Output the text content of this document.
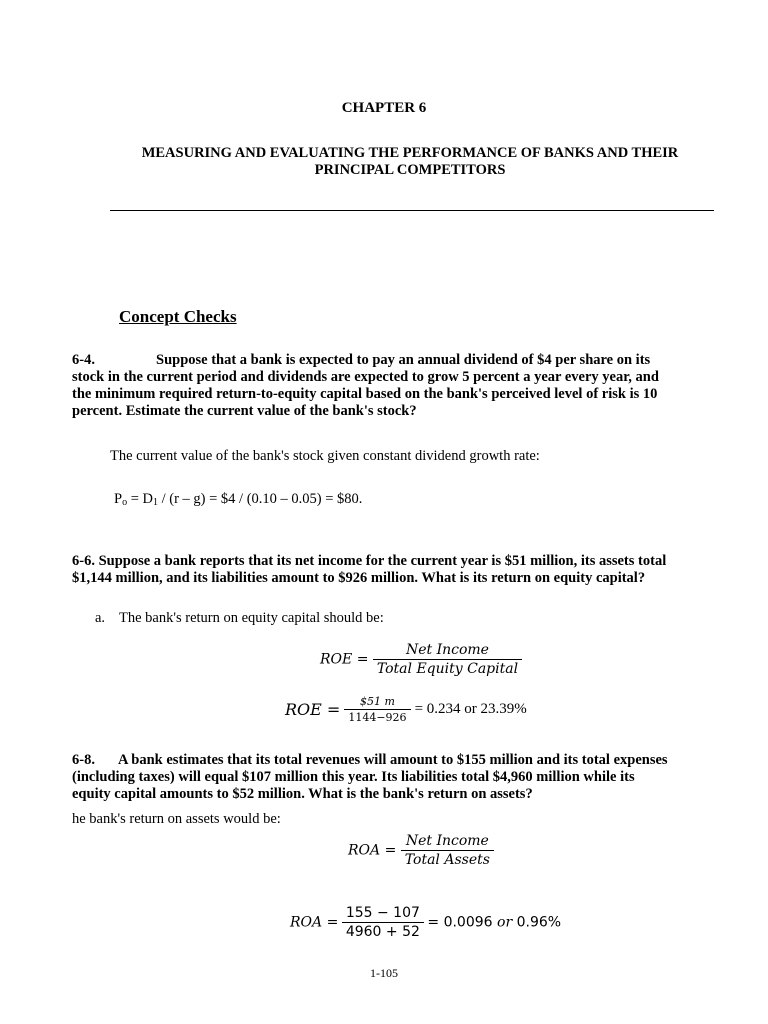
CHAPTER 6
MEASURING AND EVALUATING THE PERFORMANCE OF BANKS AND THEIR
PRINCIPAL COMPETITORS
Concept Checks
6-4.	Suppose that a bank is expected to pay an annual dividend of $4 per share on its
stock in the current period and dividends are expected to grow 5 percent a year every year, and
the minimum required return-to-equity capital based on the bank's perceived level of risk is 10
percent. Estimate the current value of the bank's stock?
The current value of the bank's stock given constant dividend growth rate:
Po = D1 / (r – g) = $4 / (0.10 – 0.05) = $80.
6-6. Suppose a bank reports that its net income for the current year is $51 million, its assets total
$1,144 million, and its liabilities amount to $926 million. What is its return on equity capital?
a. The bank's return on equity capital should be:
ROE = $\frac{\text{Net Income}}{\text{Total Equity Capital}}$
ROE = $\frac{\$51 m}{1144-926} = 0.234$ or 23.39%
6-8. A bank estimates that its total revenues will amount to $155 million and its total expenses
(including taxes) will equal $107 million this year. Its liabilities total $4,960 million while its
equity capital amounts to $52 million. What is the bank's return on assets?
he bank's return on assets would be:
ROA = $\frac{\text{Net Income}}{\text{Total Assets}}$
ROA = $\frac{155 - 107}{4960 + 52} = 0.0096$ or 0.96%
1-105
